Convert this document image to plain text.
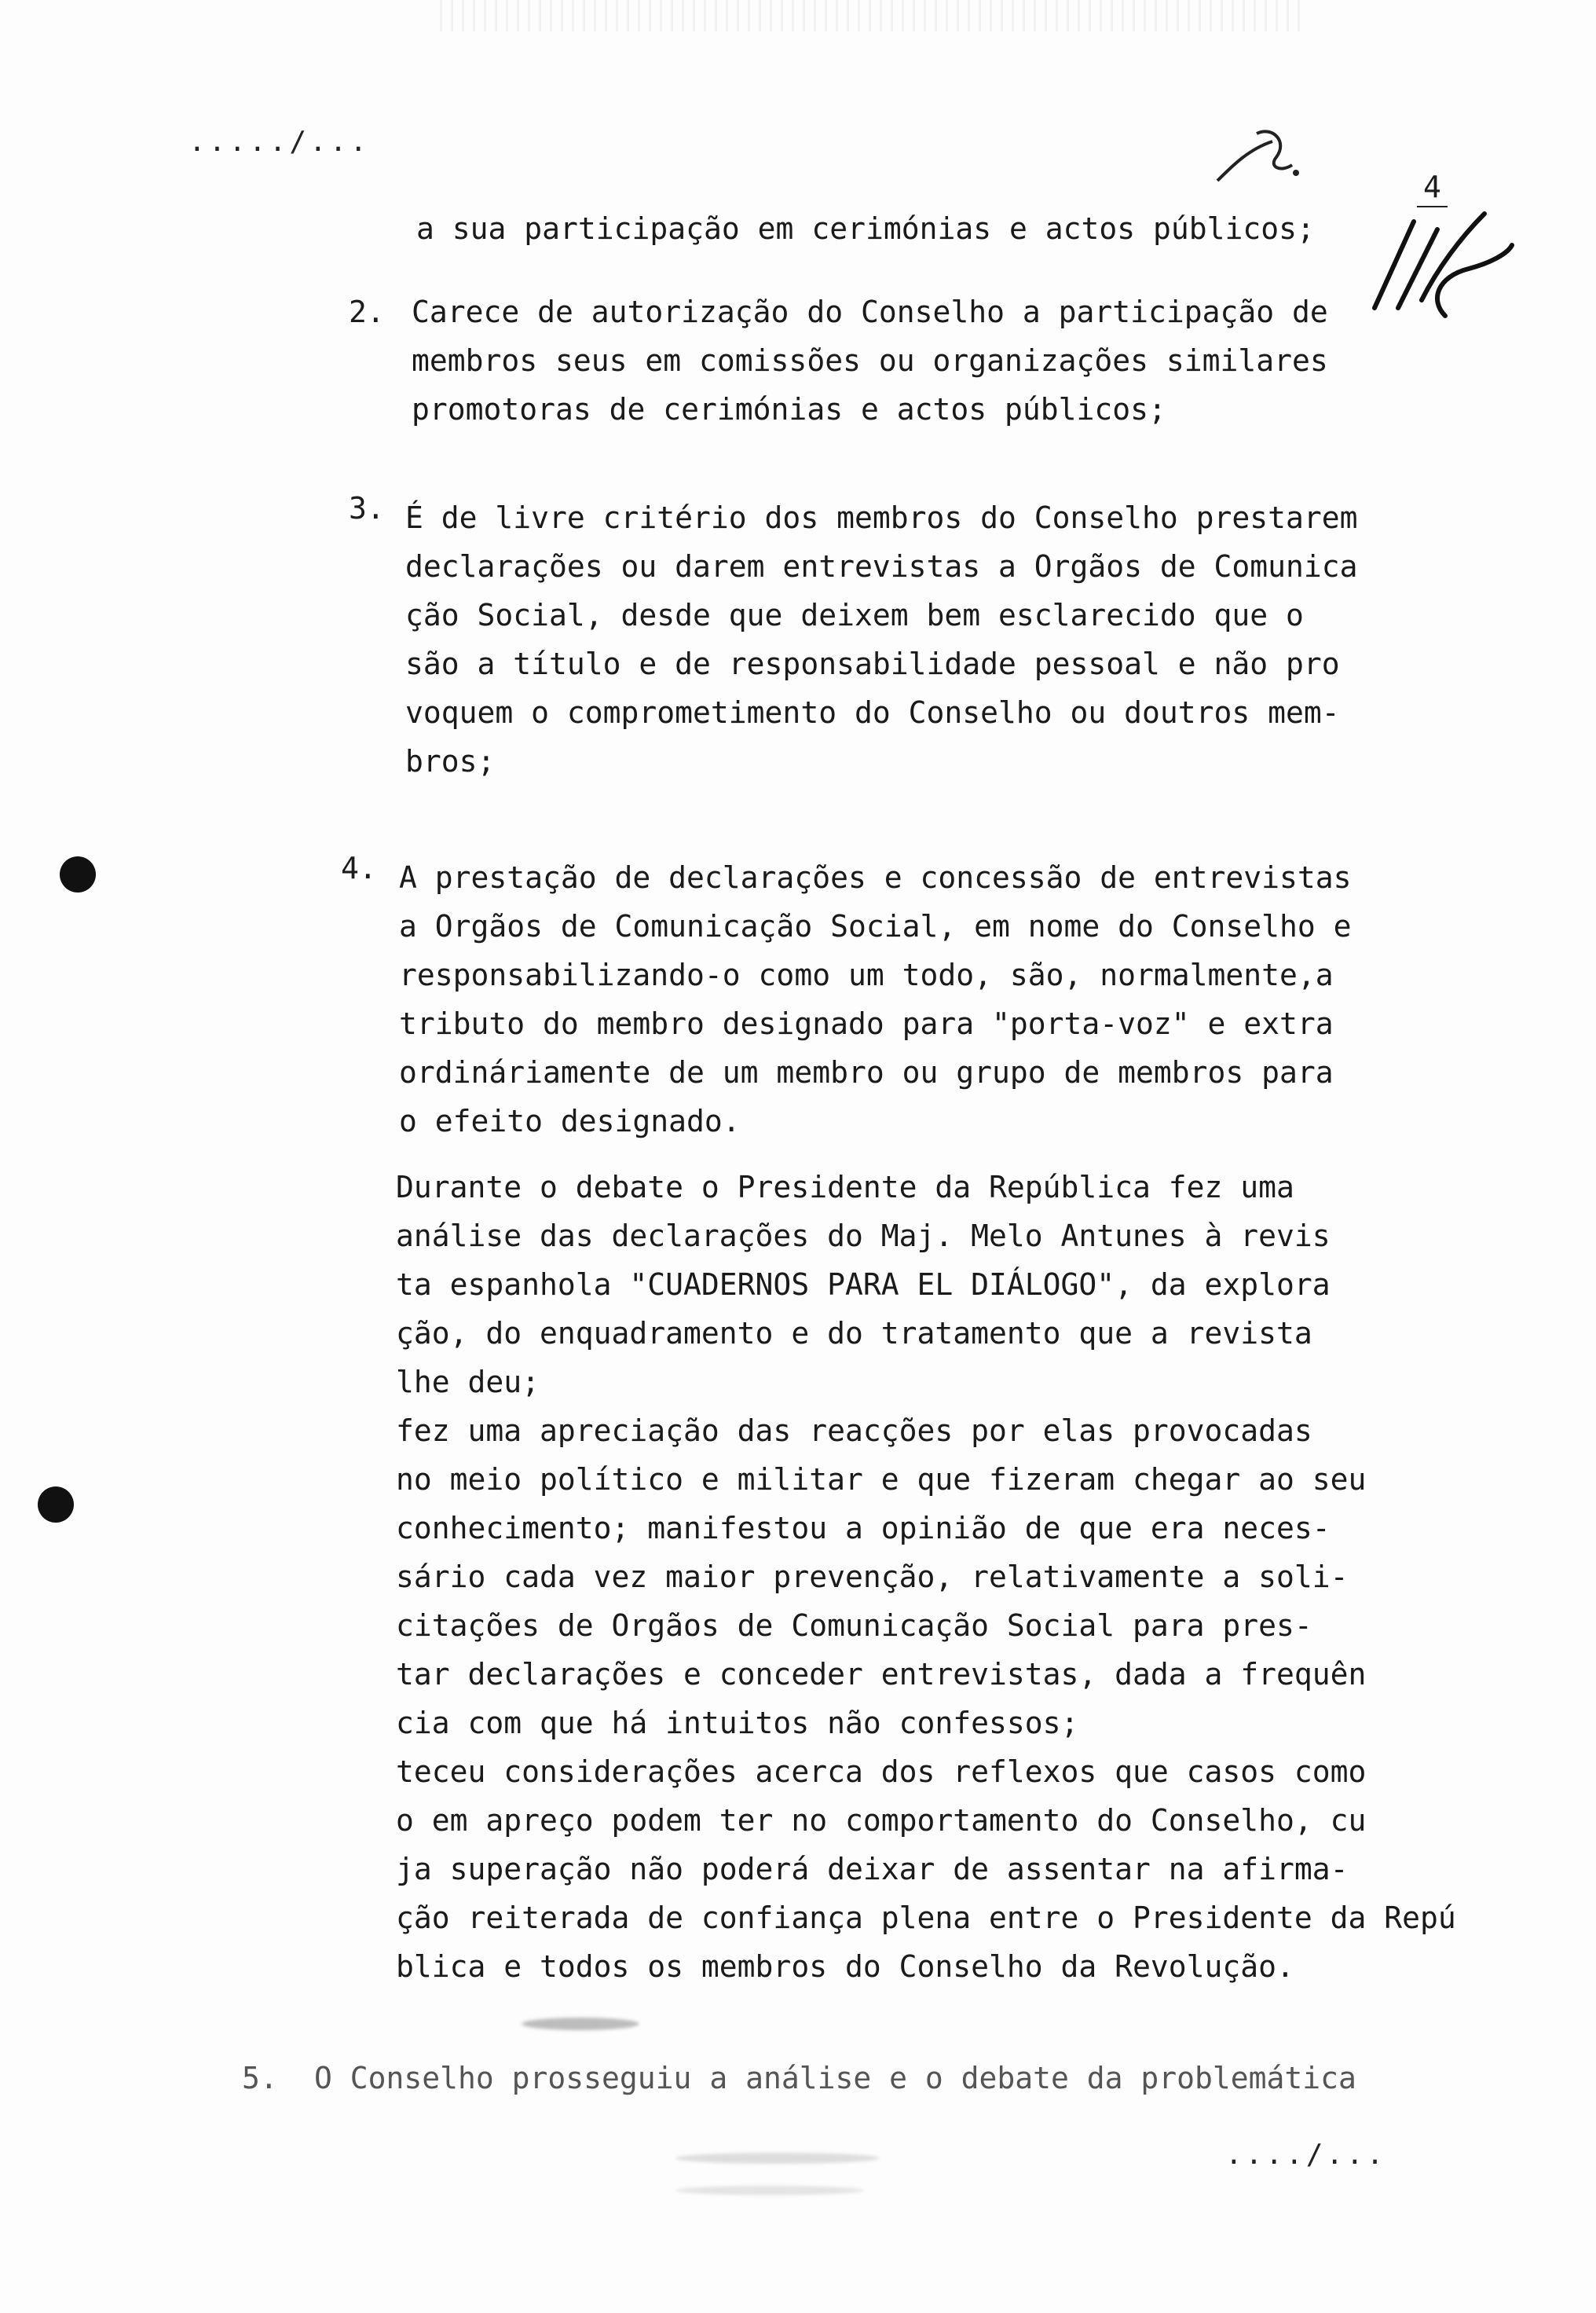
...../...
4
a sua participação em cerimónias e actos públicos;
2. Carece de autorização do Conselho a participação de
membros seus em comissões ou organizações similares
promotoras de cerimónias e actos públicos;
3. É de livre critério dos membros do Conselho prestarem
declarações ou darem entrevistas a Orgãos de Comunica
ção Social, desde que deixem bem esclarecido que o
são a título e de responsabilidade pessoal e não pro
voquem o comprometimento do Conselho ou doutros mem-
bros;
4. A prestação de declarações e concessão de entrevistas
a Orgãos de Comunicação Social, em nome do Conselho e
responsabilizando-o como um todo, são, normalmente,a
tributo do membro designado para "porta-voz" e extra
ordináriamente de um membro ou grupo de membros para
o efeito designado.
Durante o debate o Presidente da República fez uma
análise das declarações do Maj. Melo Antunes à revis
ta espanhola "CUADERNOS PARA EL DIÁLOGO", da explora
ção, do enquadramento e do tratamento que a revista
lhe deu;
fez uma apreciação das reacções por elas provocadas
no meio político e militar e que fizeram chegar ao seu
conhecimento; manifestou a opinião de que era neces-
sário cada vez maior prevenção, relativamente a soli-
citações de Orgãos de Comunicação Social para pres-
tar declarações e conceder entrevistas, dada a frequên
cia com que há intuitos não confessos;
teceu considerações acerca dos reflexos que casos como
o em apreço podem ter no comportamento do Conselho, cu
ja superação não poderá deixar de assentar na afirma-
ção reiterada de confiança plena entre o Presidente da Repú
blica e todos os membros do Conselho da Revolução.
5. O Conselho prosseguiu a análise e o debate da problemática
..../...
